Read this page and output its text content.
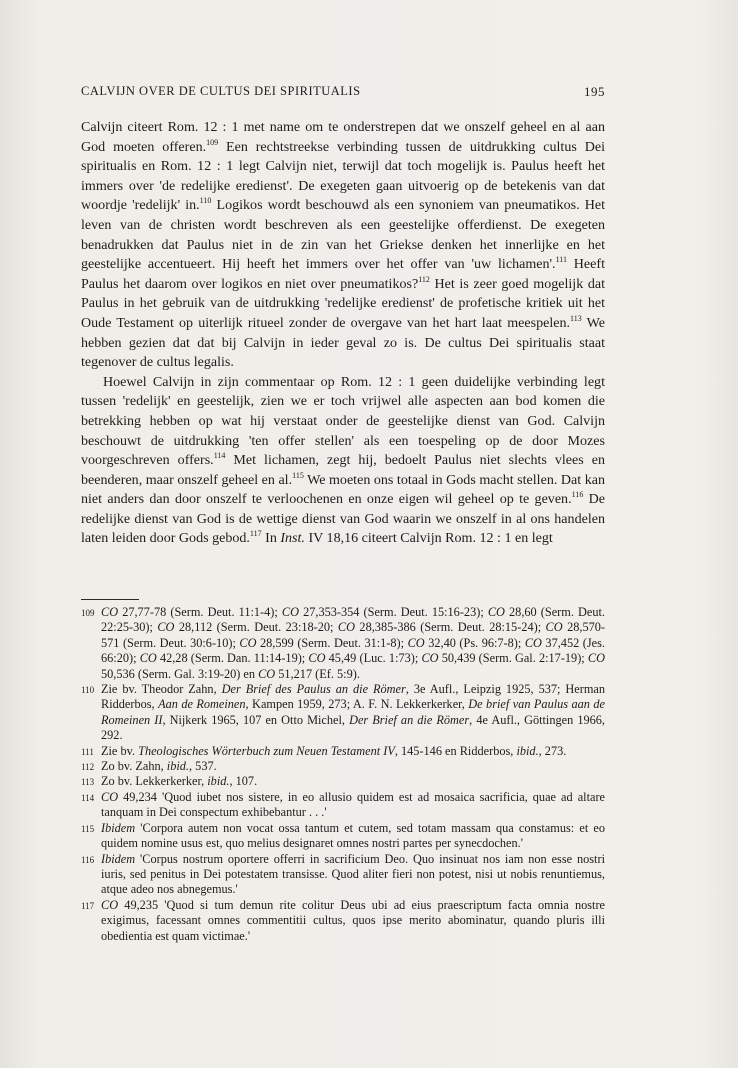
CALVIJN OVER DE CULTUS DEI SPIRITUALIS	195

Calvijn citeert Rom. 12 : 1 met name om te onderstrepen dat we onszelf geheel en al aan God moeten offeren.$^{109}$ Een rechtstreekse verbinding tussen de uitdrukking cultus Dei spiritualis en Rom. 12 : 1 legt Calvijn niet, terwijl dat toch mogelijk is. Paulus heeft het immers over 'de redelijke eredienst'. De exegeten gaan uitvoerig op de betekenis van dat woordje 'redelijk' in.$^{110}$ Logikos wordt beschouwd als een synoniem van pneumatikos. Het leven van de christen wordt beschreven als een geestelijke offerdienst. De exegeten benadrukken dat Paulus niet in de zin van het Griekse denken het innerlijke en het geestelijke accentueert. Hij heeft het immers over het offer van 'uw lichamen'.$^{111}$ Heeft Paulus het daarom over logikos en niet over pneumatikos?$^{112}$ Het is zeer goed mogelijk dat Paulus in het gebruik van de uitdrukking 'redelijke eredienst' de profetische kritiek uit het Oude Testament op uiterlijk ritueel zonder de overgave van het hart laat meespelen.$^{113}$ We hebben gezien dat dat bij Calvijn in ieder geval zo is. De cultus Dei spiritualis staat tegenover de cultus legalis.

Hoewel Calvijn in zijn commentaar op Rom. 12 : 1 geen duidelijke verbinding legt tussen 'redelijk' en geestelijk, zien we er toch vrijwel alle aspecten aan bod komen die betrekking hebben op wat hij verstaat onder de geestelijke dienst van God. Calvijn beschouwt de uitdrukking 'ten offer stellen' als een toespeling op de door Mozes voorgeschreven offers.$^{114}$ Met lichamen, zegt hij, bedoelt Paulus niet slechts vlees en beenderen, maar onszelf geheel en al.$^{115}$ We moeten ons totaal in Gods macht stellen. Dat kan niet anders dan door onszelf te verloochenen en onze eigen wil geheel op te geven.$^{116}$ De redelijke dienst van God is de wettige dienst van God waarin we onszelf in al ons handelen laten leiden door Gods gebod.$^{117}$ In Inst. IV 18,16 citeert Calvijn Rom. 12 : 1 en legt

109 CO 27,77-78 (Serm. Deut. 11:1-4); CO 27,353-354 (Serm. Deut. 15:16-23); CO 28,60 (Serm. Deut. 22:25-30); CO 28,112 (Serm. Deut. 23:18-20; CO 28,385-386 (Serm. Deut. 28:15-24); CO 28,570-571 (Serm. Deut. 30:6-10); CO 28,599 (Serm. Deut. 31:1-8); CO 32,40 (Ps. 96:7-8); CO 37,452 (Jes. 66:20); CO 42,28 (Serm. Dan. 11:14-19); CO 45,49 (Luc. 1:73); CO 50,439 (Serm. Gal. 2:17-19); CO 50,536 (Serm. Gal. 3:19-20) en CO 51,217 (Ef. 5:9).
110 Zie bv. Theodor Zahn, Der Brief des Paulus an die Römer, 3e Aufl., Leipzig 1925, 537; Herman Ridderbos, Aan de Romeinen, Kampen 1959, 273; A. F. N. Lekkerkerker, De brief van Paulus aan de Romeinen II, Nijkerk 1965, 107 en Otto Michel, Der Brief an die Römer, 4e Aufl., Göttingen 1966, 292.
111 Zie bv. Theologisches Wörterbuch zum Neuen Testament IV, 145-146 en Ridderbos, ibid., 273.
112 Zo bv. Zahn, ibid., 537.
113 Zo bv. Lekkerkerker, ibid., 107.
114 CO 49,234 'Quod iubet nos sistere, in eo allusio quidem est ad mosaica sacrificia, quae ad altare tanquam in Dei conspectum exhibebantur . . .'
115 Ibidem 'Corpora autem non vocat ossa tantum et cutem, sed totam massam qua constamus: et eo quidem nomine usus est, quo melius designaret omnes nostri partes per synecdochen.'
116 Ibidem 'Corpus nostrum oportere offerri in sacrificium Deo. Quo insinuat nos iam non esse nostri iuris, sed penitus in Dei potestatem transisse. Quod aliter fieri non potest, nisi ut nobis renuntiemus, atque adeo nos abnegemus.'
117 CO 49,235 'Quod si tum demun rite colitur Deus ubi ad eius praescriptum facta omnia nostre exigimus, facessant omnes commentitii cultus, quos ipse merito abominatur, quando pluris illi obedientia est quam victimae.'
